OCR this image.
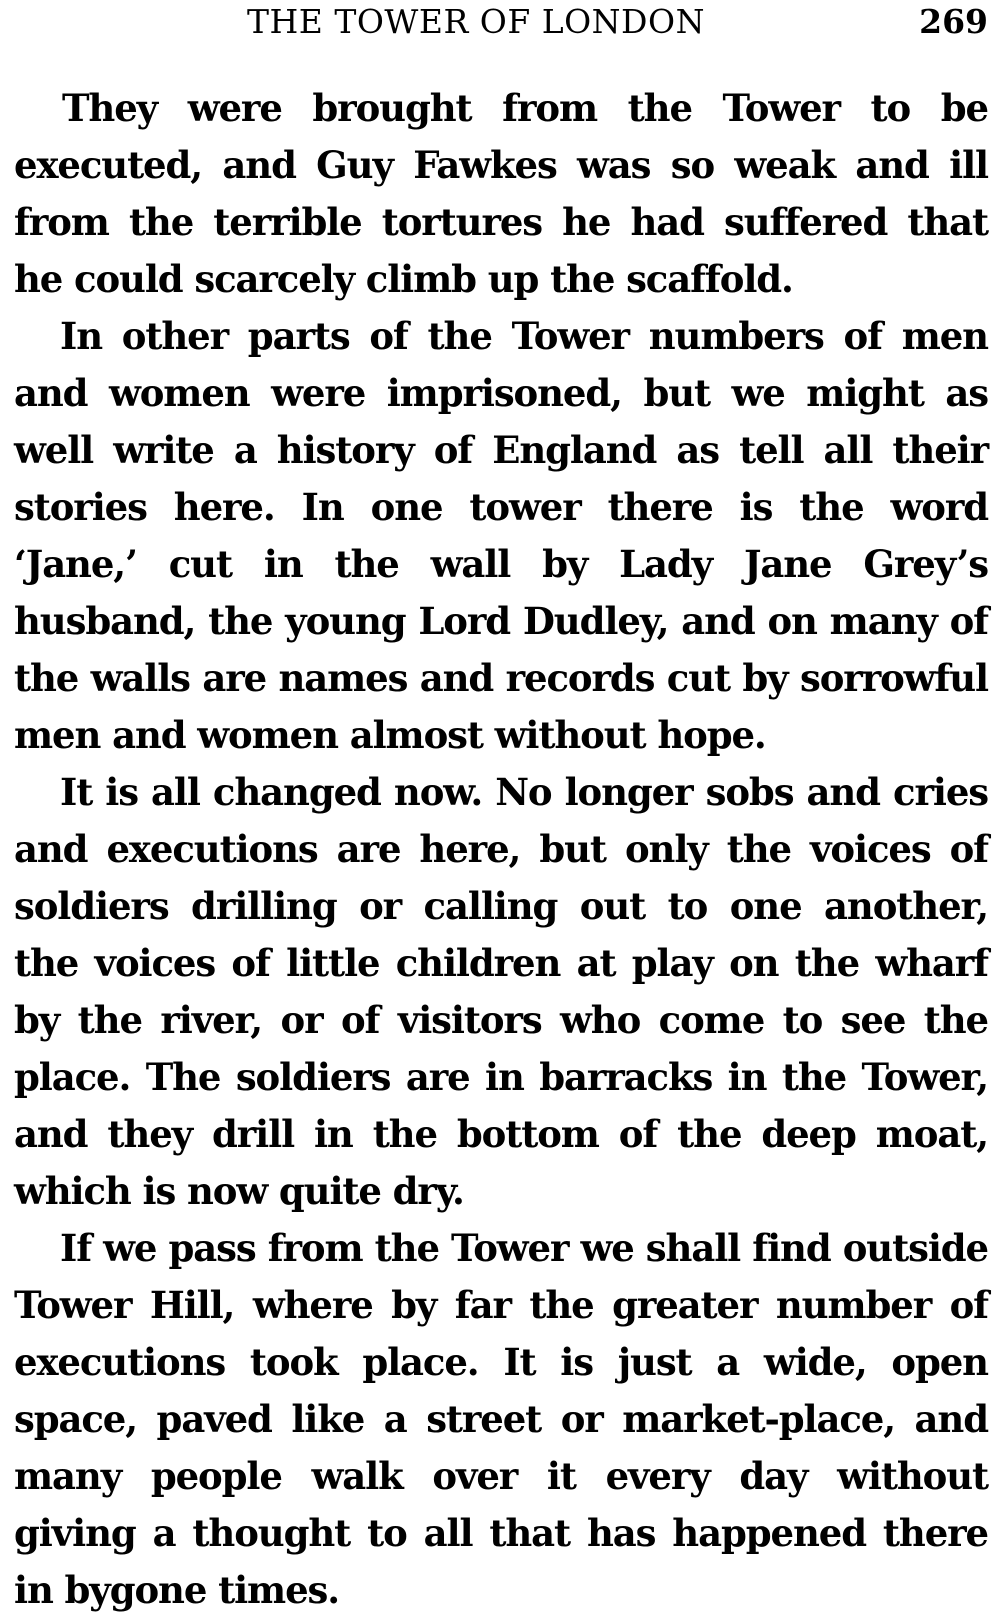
THE TOWER OF LONDON	269

They were brought from the Tower to be executed, and Guy Fawkes was so weak and ill from the terrible tortures he had suffered that he could scarcely climb up the scaffold.

In other parts of the Tower numbers of men and women were imprisoned, but we might as well write a history of England as tell all their stories here. In one tower there is the word ‘Jane,’ cut in the wall by Lady Jane Grey’s husband, the young Lord Dudley, and on many of the walls are names and records cut by sorrowful men and women almost without hope.

It is all changed now. No longer sobs and cries and executions are here, but only the voices of soldiers drilling or calling out to one another, the voices of little children at play on the wharf by the river, or of visitors who come to see the place. The soldiers are in barracks in the Tower, and they drill in the bottom of the deep moat, which is now quite dry.

If we pass from the Tower we shall find outside Tower Hill, where by far the greater number of executions took place. It is just a wide, open space, paved like a street or market-place, and many people walk over it every day without giving a thought to all that has happened there in bygone times.
